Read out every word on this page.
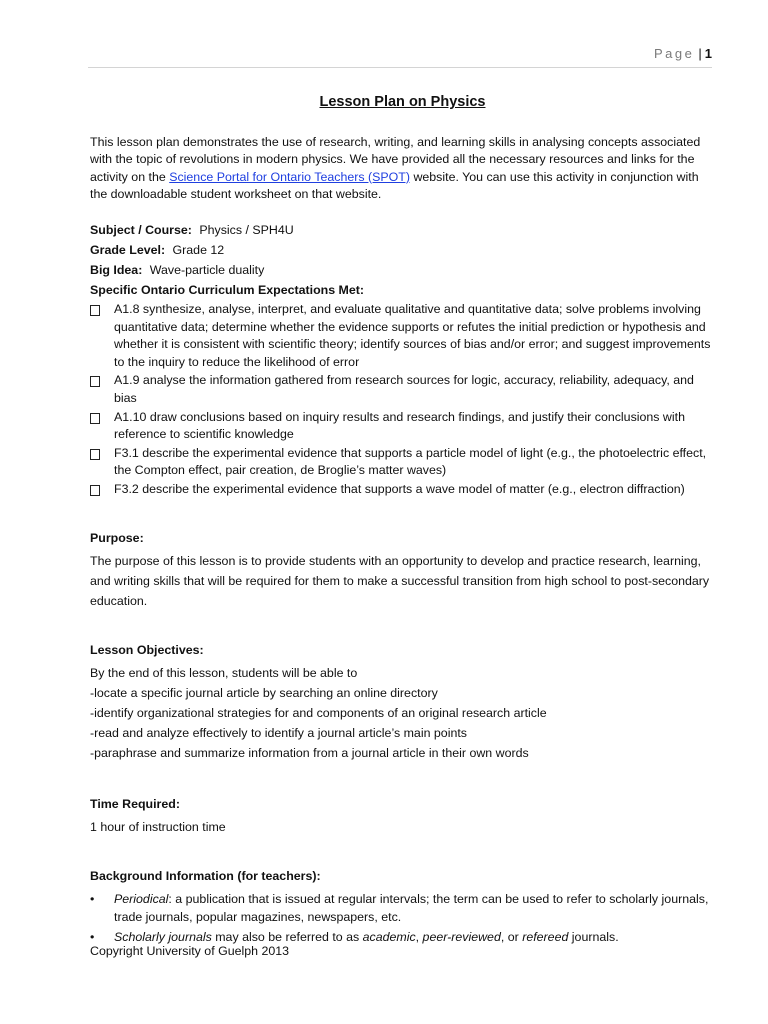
Page | 1
Lesson Plan on Physics
This lesson plan demonstrates the use of research, writing, and learning skills in analysing concepts associated with the topic of revolutions in modern physics. We have provided all the necessary resources and links for the activity on the Science Portal for Ontario Teachers (SPOT) website. You can use this activity in conjunction with the downloadable student worksheet on that website.
Subject / Course: Physics / SPH4U
Grade Level: Grade 12
Big Idea: Wave-particle duality
Specific Ontario Curriculum Expectations Met:
A1.8 synthesize, analyse, interpret, and evaluate qualitative and quantitative data; solve problems involving quantitative data; determine whether the evidence supports or refutes the initial prediction or hypothesis and whether it is consistent with scientific theory; identify sources of bias and/or error; and suggest improvements to the inquiry to reduce the likelihood of error
A1.9 analyse the information gathered from research sources for logic, accuracy, reliability, adequacy, and bias
A1.10 draw conclusions based on inquiry results and research findings, and justify their conclusions with reference to scientific knowledge
F3.1 describe the experimental evidence that supports a particle model of light (e.g., the photoelectric effect, the Compton effect, pair creation, de Broglie’s matter waves)
F3.2 describe the experimental evidence that supports a wave model of matter (e.g., electron diffraction)
Purpose:
The purpose of this lesson is to provide students with an opportunity to develop and practice research, learning, and writing skills that will be required for them to make a successful transition from high school to post-secondary education.
Lesson Objectives:
By the end of this lesson, students will be able to
-locate a specific journal article by searching an online directory
-identify organizational strategies for and components of an original research article
-read and analyze effectively to identify a journal article’s main points
-paraphrase and summarize information from a journal article in their own words
Time Required:
1 hour of instruction time
Background Information (for teachers):
• Periodical: a publication that is issued at regular intervals; the term can be used to refer to scholarly journals, trade journals, popular magazines, newspapers, etc.
• Scholarly journals may also be referred to as academic, peer-reviewed, or refereed journals.
Copyright University of Guelph 2013
